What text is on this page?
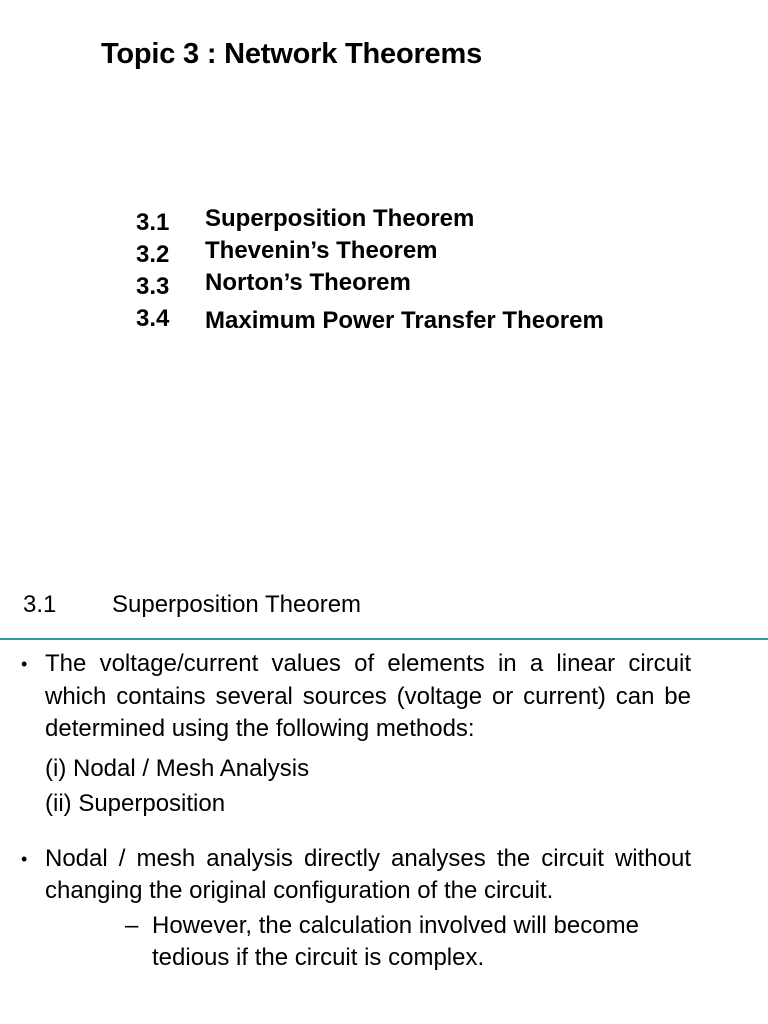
Topic 3 : Network Theorems
3.1 Superposition Theorem
3.2 Thevenin’s Theorem
3.3 Norton’s Theorem
3.4 Maximum Power Transfer Theorem
3.1 Superposition Theorem
• The voltage/current values of elements in a linear circuit which contains several sources (voltage or current) can be determined using the following methods:
(i) Nodal / Mesh Analysis
(ii) Superposition
• Nodal / mesh analysis directly analyses the circuit without changing the original configuration of the circuit.
– However, the calculation involved will become tedious if the circuit is complex.
